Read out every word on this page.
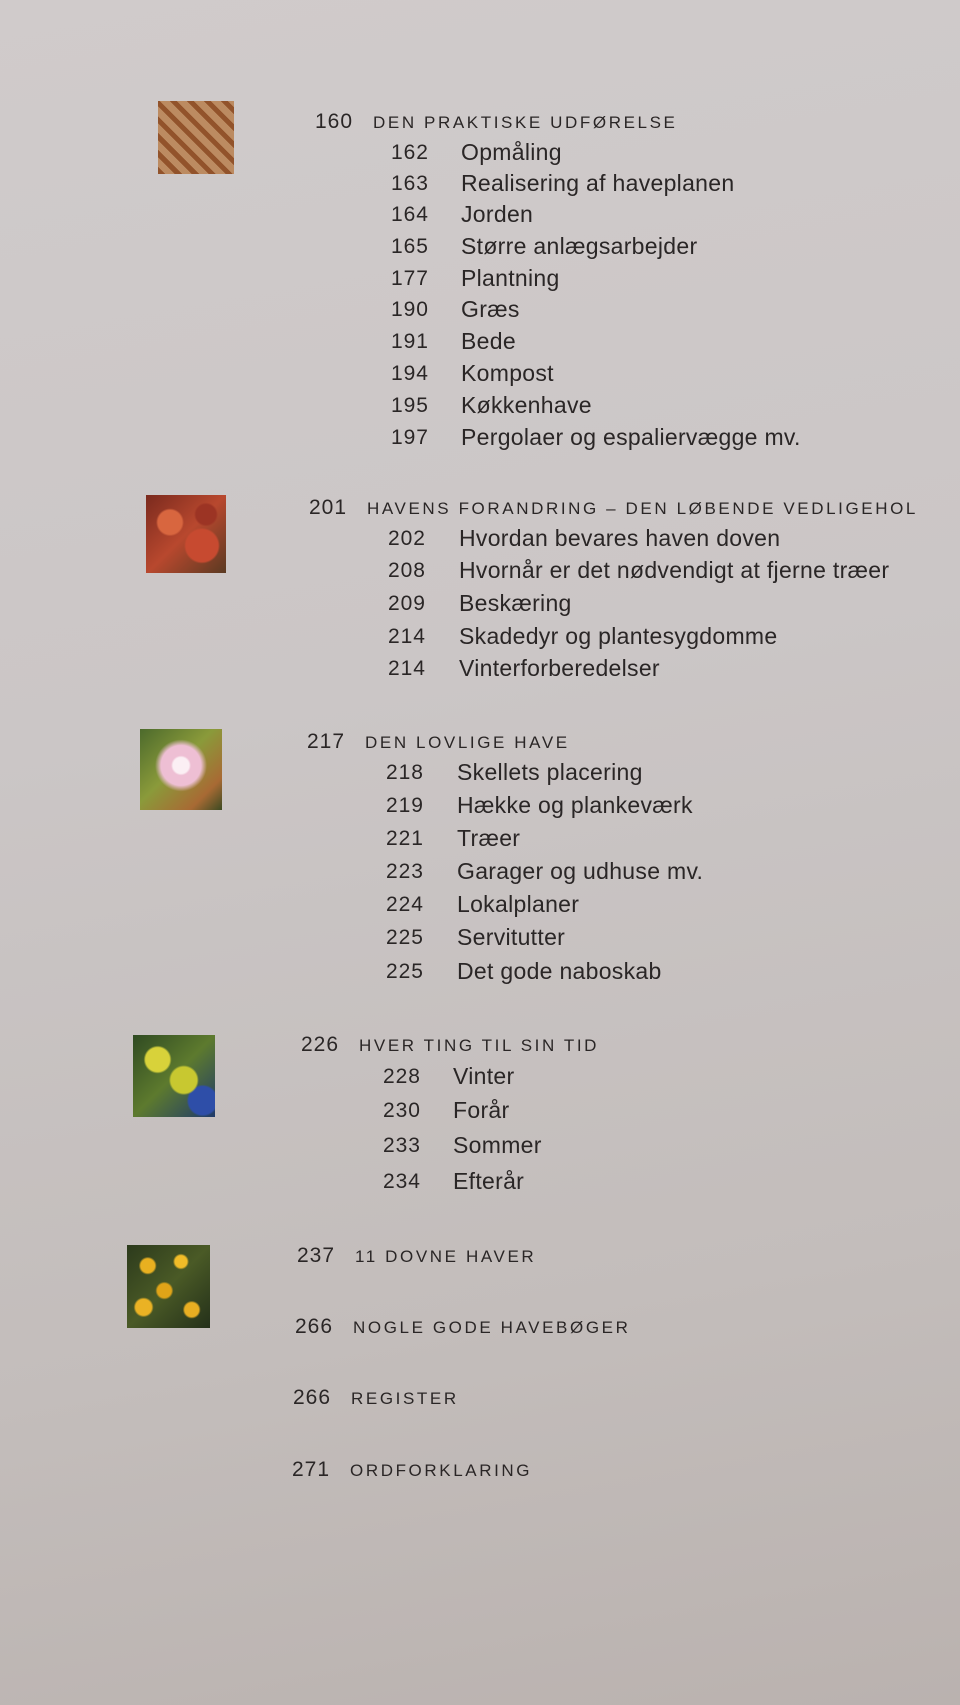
160 DEN PRAKTISKE UDFØRELSE
162 Opmåling
163 Realisering af haveplanen
164 Jorden
165 Større anlægsarbejder
177 Plantning
190 Græs
191 Bede
194 Kompost
195 Køkkenhave
197 Pergolaer og espaliervægge mv.
201 HAVENS FORANDRING – DEN LØBENDE VEDLIGEHOL
202 Hvordan bevares haven doven
208 Hvornår er det nødvendigt at fjerne træer
209 Beskæring
214 Skadedyr og plantesygdomme
214 Vinterforberedelser
217 DEN LOVLIGE HAVE
218 Skellets placering
219 Hække og plankeværk
221 Træer
223 Garager og udhuse mv.
224 Lokalplaner
225 Servitutter
225 Det gode naboskab
226 HVER TING TIL SIN TID
228 Vinter
230 Forår
233 Sommer
234 Efterår
237 11 DOVNE HAVER
266 NOGLE GODE HAVEBØGER
266 REGISTER
271 ORDFORKLARING
